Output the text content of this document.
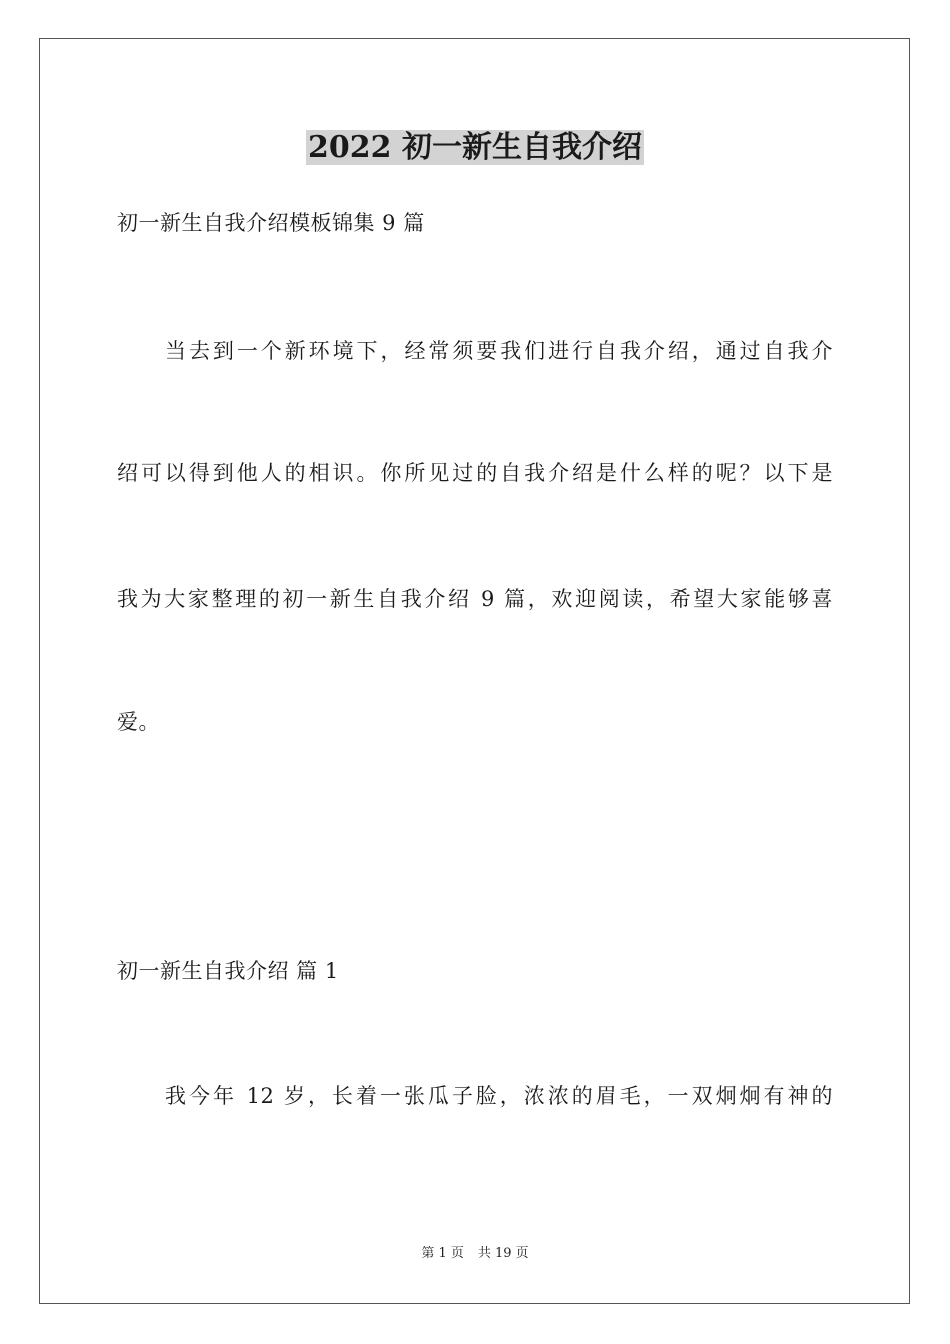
2022 初一新生自我介绍
初一新生自我介绍模板锦集 9 篇
当去到一个新环境下，经常须要我们进行自我介绍，通过自我介
绍可以得到他人的相识。你所见过的自我介绍是什么样的呢？以下是
我为大家整理的初一新生自我介绍 9 篇，欢迎阅读，希望大家能够喜
爱。
初一新生自我介绍 篇 1
我今年 12 岁，长着一张瓜子脸，浓浓的眉毛，一双炯炯有神的
第 1 页 共 19 页
